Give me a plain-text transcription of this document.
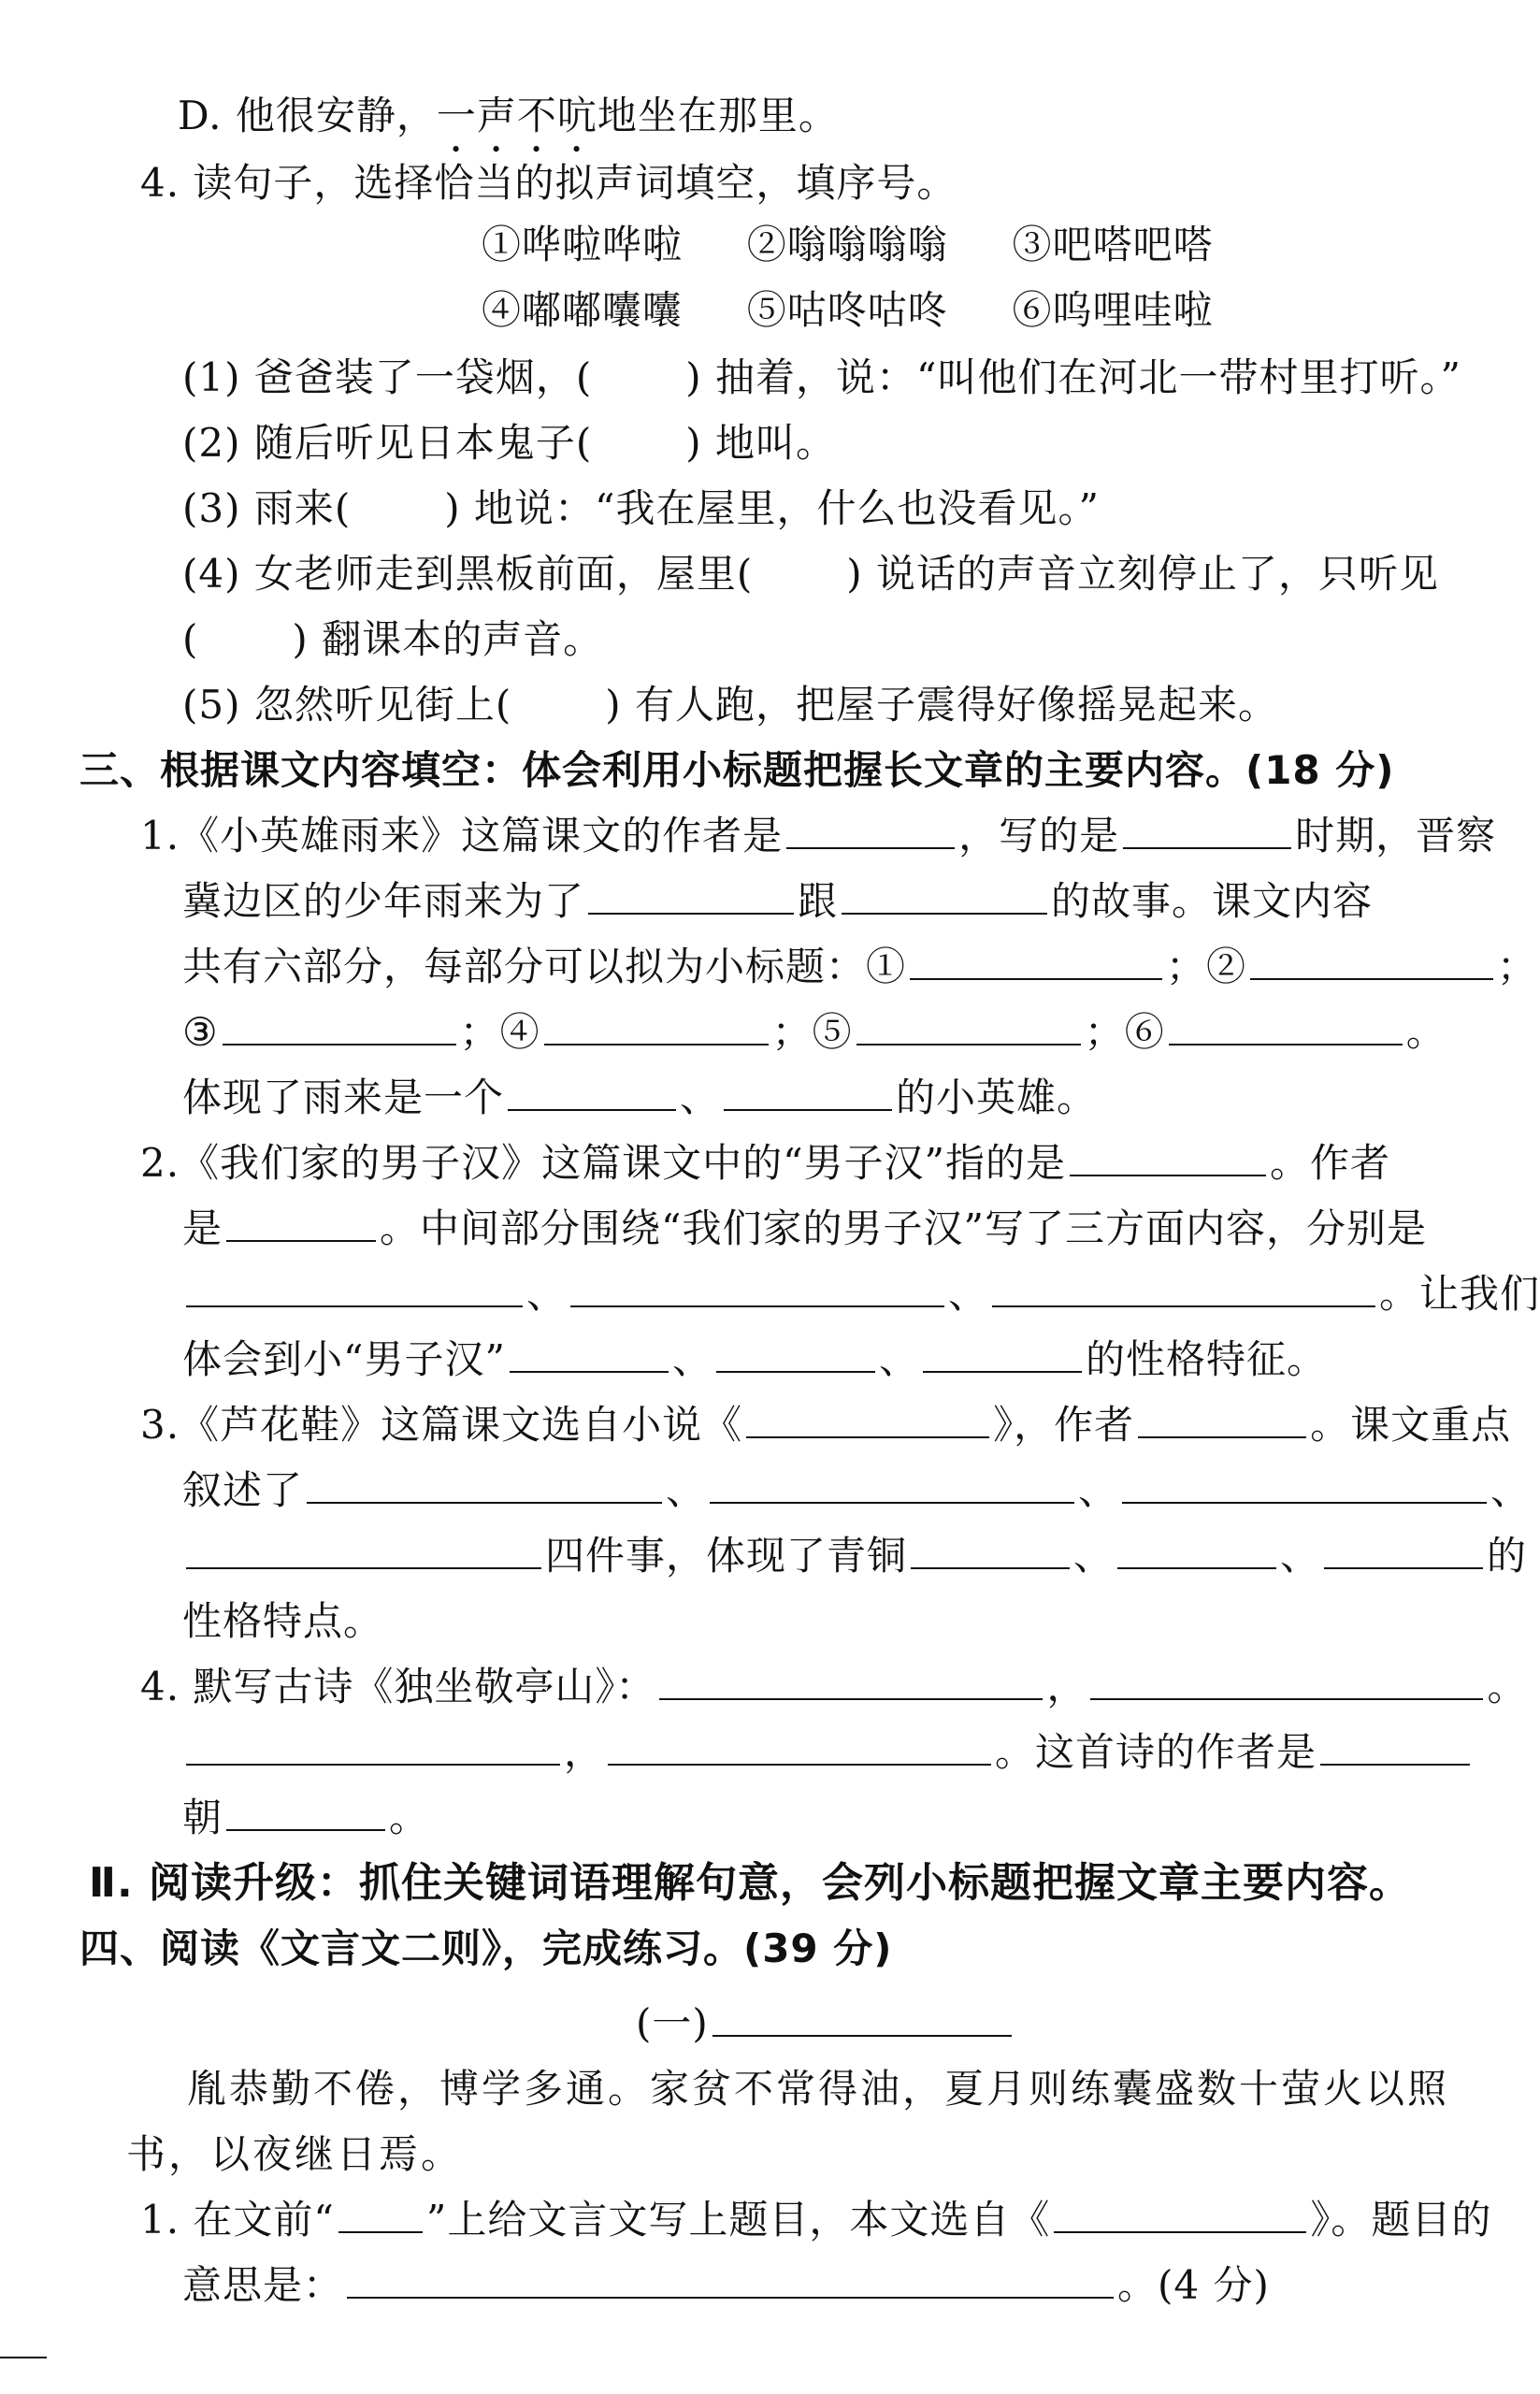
D. 他很安静，一声不吭地坐在那里。
4. 读句子，选择恰当的拟声词填空，填序号。
①哗啦哗啦 ②嗡嗡嗡嗡 ③吧嗒吧嗒
④嘟嘟囔囔 ⑤咕咚咕咚 ⑥呜哩哇啦
(1) 爸爸装了一袋烟，( ) 抽着，说：“叫他们在河北一带村里打听。”
(2) 随后听见日本鬼子( ) 地叫。
(3) 雨来( ) 地说：“我在屋里，什么也没看见。”
(4) 女老师走到黑板前面，屋里( ) 说话的声音立刻停止了，只听见
( ) 翻课本的声音。
(5) 忽然听见街上( ) 有人跑，把屋子震得好像摇晃起来。
三、根据课文内容填空：体会利用小标题把握长文章的主要内容。(18 分)
1.《小英雄雨来》这篇课文的作者是	，写的是	时期，晋察
冀边区的少年雨来为了	跟	的故事。课文内容
共有六部分，每部分可以拟为小标题：①	；②	；
③	；④	；⑤	；⑥	。
体现了雨来是一个	、	的小英雄。
2.《我们家的男子汉》这篇课文中的“男子汉”指的是	。作者
是	。中间部分围绕“我们家的男子汉”写了三方面内容，分别是
、	、	。让我们
体会到小“男子汉”	、	、	的性格特征。
3.《芦花鞋》这篇课文选自小说《	》，作者	。课文重点
叙述了	、	、	、
四件事，体现了青铜	、	、	的
性格特点。
4. 默写古诗《独坐敬亭山》：	，	。
，	。这首诗的作者是
朝	。
Ⅱ. 阅读升级：抓住关键词语理解句意，会列小标题把握文章主要内容。
四、阅读《文言文二则》，完成练习。(39 分)
(一)
胤恭勤不倦，博学多通。家贫不常得油，夏月则练囊盛数十萤火以照
书，以夜继日焉。
1. 在文前“ ”上给文言文写上题目，本文选自《	》。题目的
意思是：	。(4 分)
